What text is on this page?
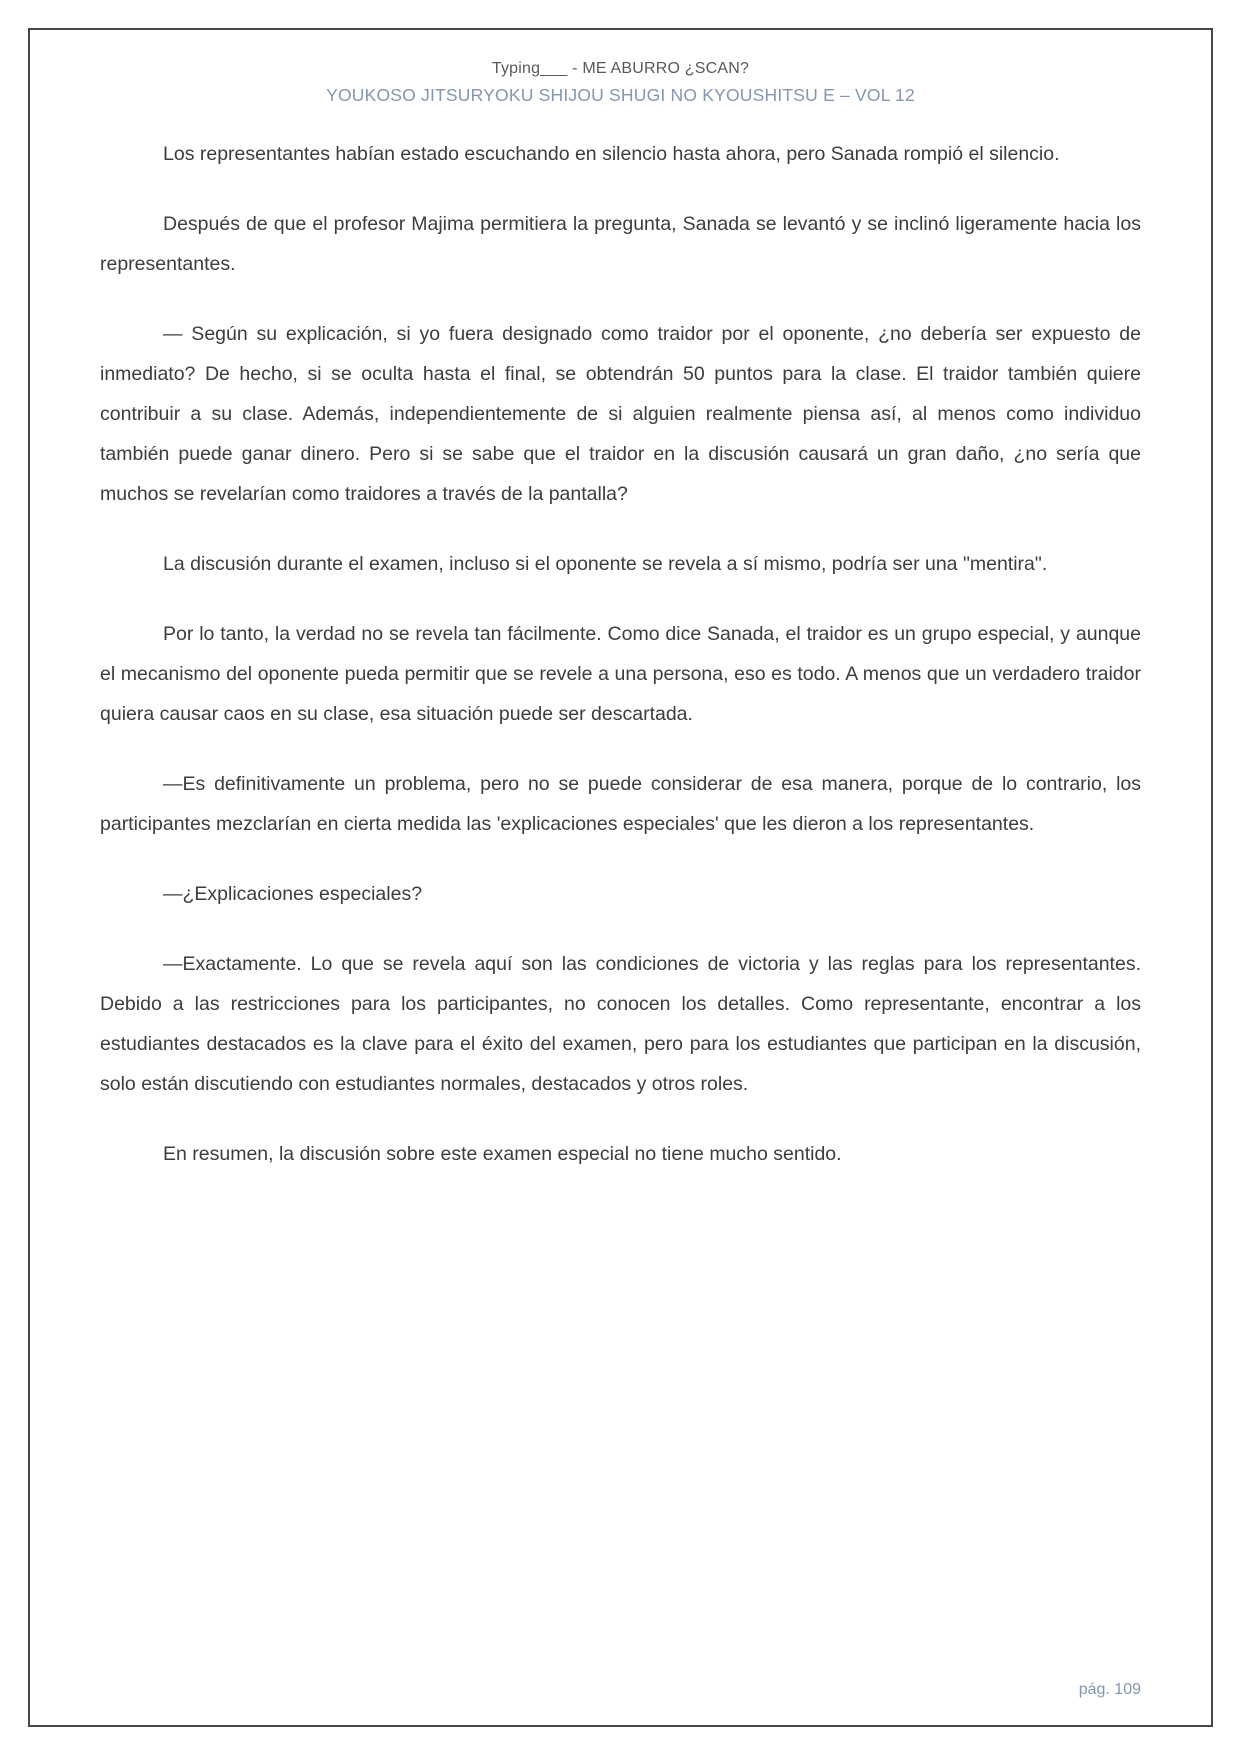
Typing___ - ME ABURRO ¿SCAN?
YOUKOSO JITSURYOKU SHIJOU SHUGI NO KYOUSHITSU E – VOL 12

Los representantes habían estado escuchando en silencio hasta ahora, pero Sanada rompió el silencio.

Después de que el profesor Majima permitiera la pregunta, Sanada se levantó y se inclinó ligeramente hacia los representantes.

— Según su explicación, si yo fuera designado como traidor por el oponente, ¿no debería ser expuesto de inmediato? De hecho, si se oculta hasta el final, se obtendrán 50 puntos para la clase. El traidor también quiere contribuir a su clase. Además, independientemente de si alguien realmente piensa así, al menos como individuo también puede ganar dinero. Pero si se sabe que el traidor en la discusión causará un gran daño, ¿no sería que muchos se revelarían como traidores a través de la pantalla?

La discusión durante el examen, incluso si el oponente se revela a sí mismo, podría ser una "mentira".

Por lo tanto, la verdad no se revela tan fácilmente. Como dice Sanada, el traidor es un grupo especial, y aunque el mecanismo del oponente pueda permitir que se revele a una persona, eso es todo. A menos que un verdadero traidor quiera causar caos en su clase, esa situación puede ser descartada.

—Es definitivamente un problema, pero no se puede considerar de esa manera, porque de lo contrario, los participantes mezclarían en cierta medida las 'explicaciones especiales' que les dieron a los representantes.

—¿Explicaciones especiales?

—Exactamente. Lo que se revela aquí son las condiciones de victoria y las reglas para los representantes. Debido a las restricciones para los participantes, no conocen los detalles. Como representante, encontrar a los estudiantes destacados es la clave para el éxito del examen, pero para los estudiantes que participan en la discusión, solo están discutiendo con estudiantes normales, destacados y otros roles.

En resumen, la discusión sobre este examen especial no tiene mucho sentido.

pág. 109
